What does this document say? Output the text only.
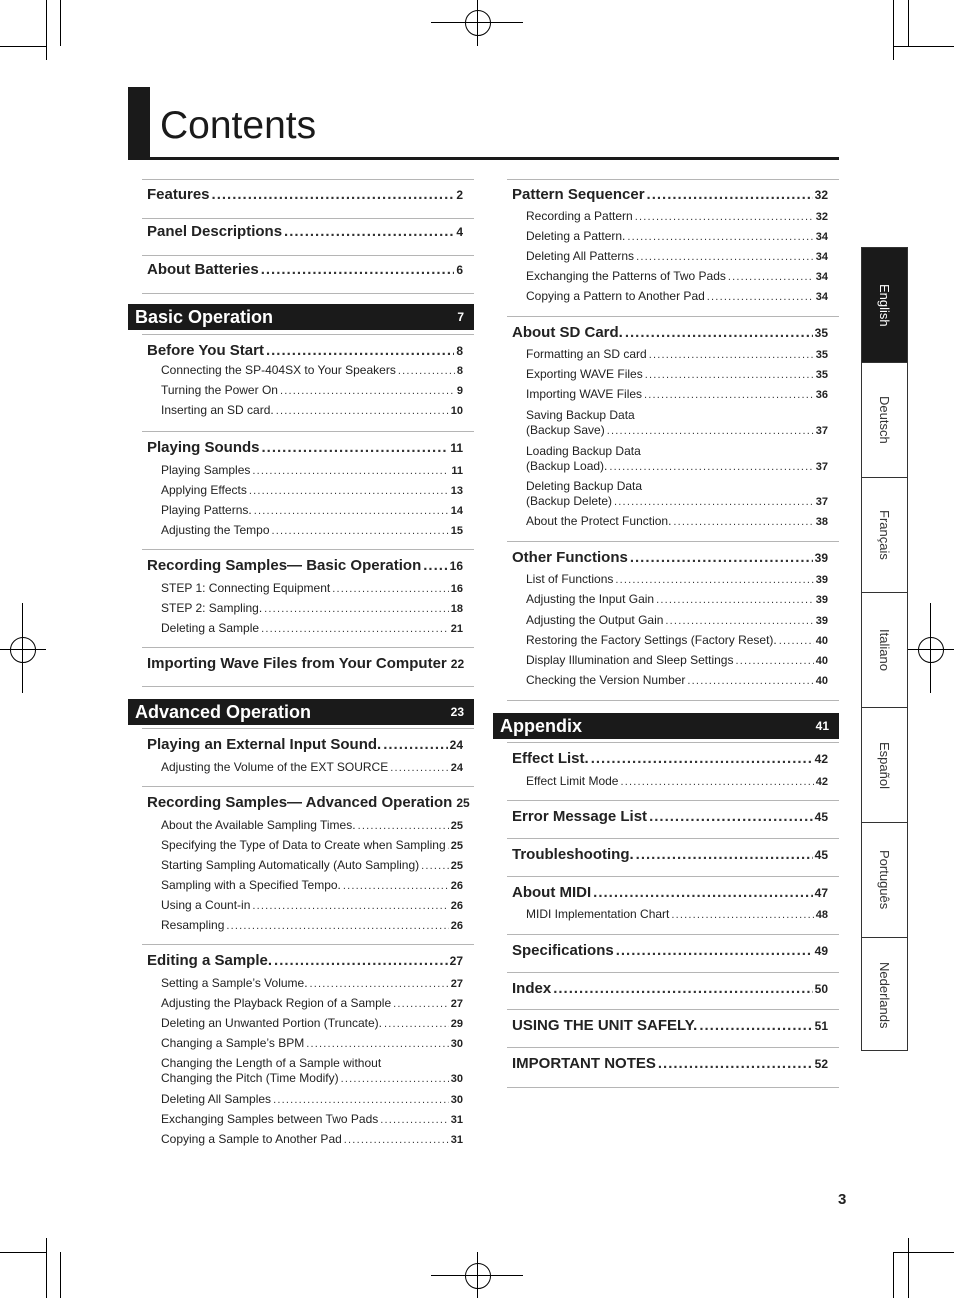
Contents
Features .....	2
Panel Descriptions .....	4
About Batteries .....	6
Basic Operation	7
Before You Start .....	8
Connecting the SP-404SX to Your Speakers .....	8
Turning the Power On .....	9
Inserting an SD card. .....	10
Playing Sounds .....	11
Playing Samples .....	11
Applying Effects .....	13
Playing Patterns. .....	14
Adjusting the Tempo .....	15
Recording Samples— Basic Operation ..... 16
STEP 1: Connecting Equipment .....	16
STEP 2: Sampling. .....	18
Deleting a Sample .....	21
Importing Wave Files from Your Computer 22
Advanced Operation	23
Playing an External Input Sound. .....	24
Adjusting the Volume of the EXT SOURCE .....	24
Recording Samples— Advanced Operation 25
About the Available Sampling Times. .....	25
Specifying the Type of Data to Create when Sampling ..... 25
Starting Sampling Automatically (Auto Sampling) .....	25
Sampling with a Specified Tempo. .....	26
Using a Count-in .....	26
Resampling .....	26
Editing a Sample. .....	27
Setting a Sample’s Volume. .....	27
Adjusting the Playback Region of a Sample .....	27
Deleting an Unwanted Portion (Truncate). .....	29
Changing a Sample’s BPM .....	30
Changing the Length of a Sample without
Changing the Pitch (Time Modify) .....	30
Deleting All Samples .....	30
Exchanging Samples between Two Pads .....	31
Copying a Sample to Another Pad .....	31
Pattern Sequencer .....	32
Recording a Pattern .....	32
Deleting a Pattern. .....	34
Deleting All Patterns .....	34
Exchanging the Patterns of Two Pads .....	34
Copying a Pattern to Another Pad .....	34
About SD Card. .....	35
Formatting an SD card .....	35
Exporting WAVE Files .....	35
Importing WAVE Files .....	36
Saving Backup Data
(Backup Save) .....	37
Loading Backup Data
(Backup Load). .....	37
Deleting Backup Data
(Backup Delete) .....	37
About the Protect Function. .....	38
Other Functions .....	39
List of Functions .....	39
Adjusting the Input Gain .....	39
Adjusting the Output Gain .....	39
Restoring the Factory Settings (Factory Reset). .....	40
Display Illumination and Sleep Settings .....	40
Checking the Version Number .....	40
Appendix	41
Effect List. .....	42
Effect Limit Mode .....	42
Error Message List .....	45
Troubleshooting. .....	45
About MIDI .....	47
MIDI Implementation Chart .....	48
Specifications .....	49
Index .....	50
USING THE UNIT SAFELY. .....	51
IMPORTANT NOTES .....	52
English
Deutsch
Français
Italiano
Español
Português
Nederlands
3
